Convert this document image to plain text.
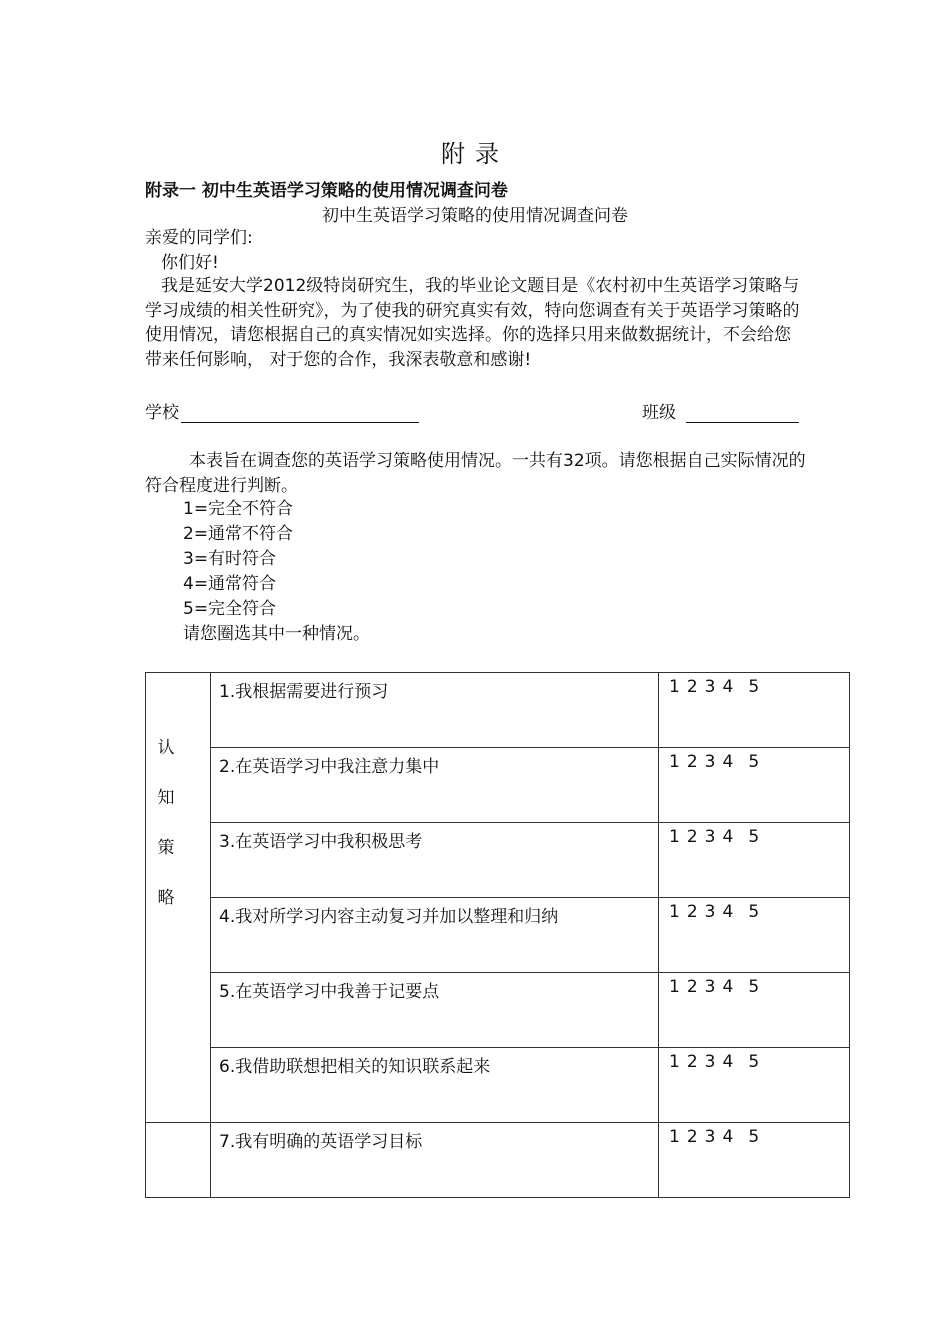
附录
附录一 初中生英语学习策略的使用情况调查问卷
初中生英语学习策略的使用情况调查问卷
亲爱的同学们:
你们好!
我是延安大学2012级特岗研究生，我的毕业论文题目是《农村初中生英语学习策略与学习成绩的相关性研究》，为了使我的研究真实有效，特向您调查有关于英语学习策略的使用情况，请您根据自己的真实情况如实选择。你的选择只用来做数据统计，不会给您带来任何影响， 对于您的合作，我深表敬意和感谢!
学校	班级
本表旨在调查您的英语学习策略使用情况。一共有32项。请您根据自己实际情况的符合程度进行判断。
1=完全不符合
2=通常不符合
3=有时符合
4=通常符合
5=完全符合
请您圈选其中一种情况。
认
知
策
略	1.我根据需要进行预习	1 2 3 4 5
	2.在英语学习中我注意力集中	1 2 3 4 5
	3.在英语学习中我积极思考	1 2 3 4 5
	4.我对所学习内容主动复习并加以整理和归纳	1 2 3 4 5
	5.在英语学习中我善于记要点	1 2 3 4 5
	6.我借助联想把相关的知识联系起来	1 2 3 4 5
	7.我有明确的英语学习目标	1 2 3 4 5
